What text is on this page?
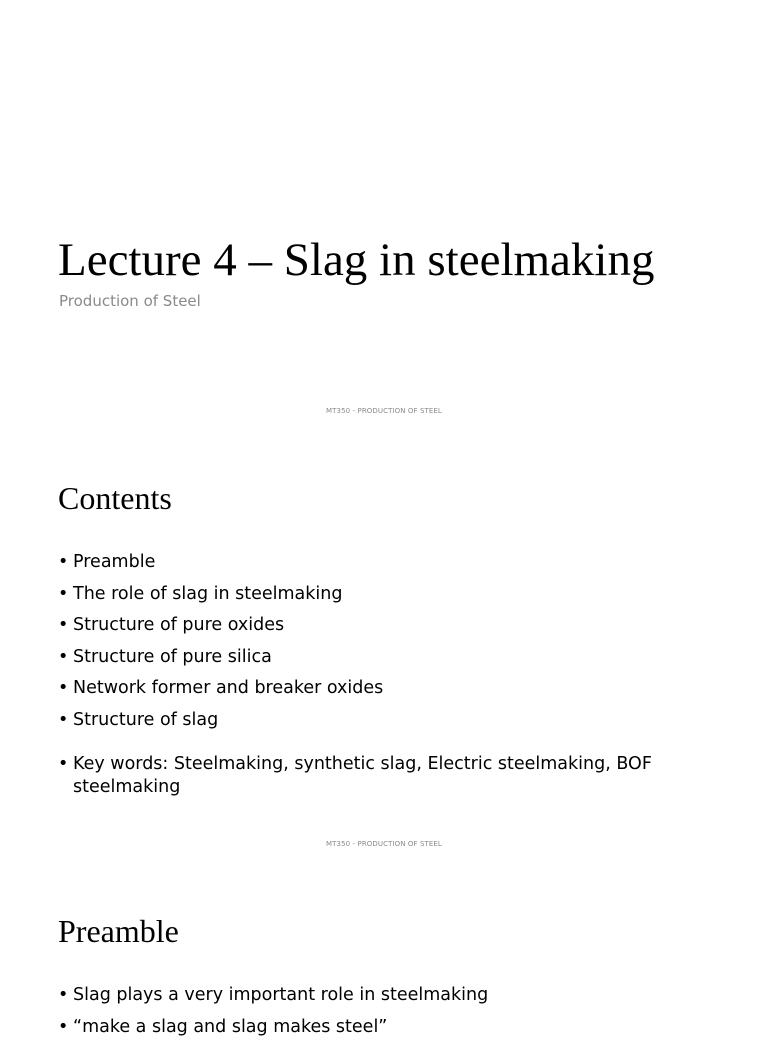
Lecture 4 – Slag in steelmaking
Production of Steel
MT350 - PRODUCTION OF STEEL
Contents
• Preamble
• The role of slag in steelmaking
• Structure of pure oxides
• Structure of pure silica
• Network former and breaker oxides
• Structure of slag
• Key words: Steelmaking, synthetic slag, Electric steelmaking, BOF steelmaking
MT350 - PRODUCTION OF STEEL
Preamble
• Slag plays a very important role in steelmaking
• “make a slag and slag makes steel”
